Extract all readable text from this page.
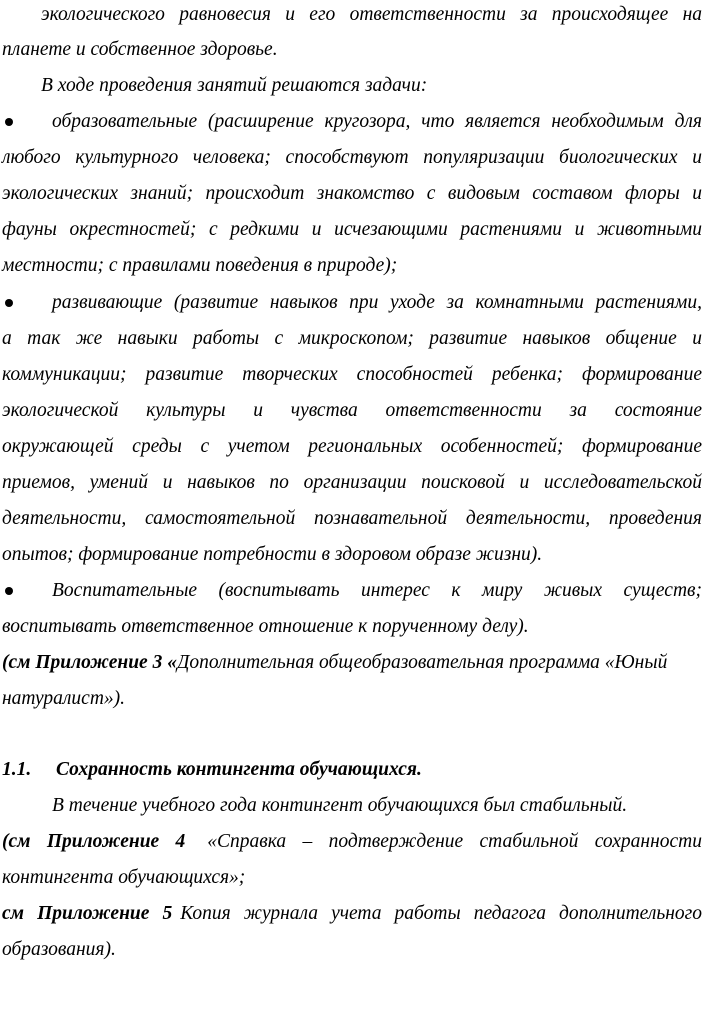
экологического равновесия и его ответственности за происходящее на
планете и собственное здоровье.
В ходе проведения занятий решаются задачи:
образовательные (расширение кругозора, что является необходимым для
любого культурного человека; способствуют популяризации биологических и
экологических знаний; происходит знакомство с видовым составом флоры и
фауны окрестностей; с редкими и исчезающими растениями и животными
местности; с правилами поведения в природе);
развивающие (развитие навыков при уходе за комнатными растениями,
а так же навыки работы с микроскопом; развитие навыков общение и
коммуникации; развитие творческих способностей ребенка; формирование
экологической культуры и чувства ответственности за состояние
окружающей среды с учетом региональных особенностей; формирование
приемов, умений и навыков по организации поисковой и исследовательской
деятельности, самостоятельной познавательной деятельности, проведения
опытов; формирование потребности в здоровом образе жизни).
Воспитательные (воспитывать интерес к миру живых существ;
воспитывать ответственное отношение к порученному делу).
(см Приложение 3 «Дополнительная общеобразовательная программа «Юный
натуралист»).
1.1. Сохранность контингента обучающихся.
В течение учебного года контингент обучающихся был стабильный.
(см Приложение 4 «Справка – подтверждение стабильной сохранности
контингента обучающихся»;
см Приложение 5 Копия журнала учета работы педагога дополнительного
образования).
